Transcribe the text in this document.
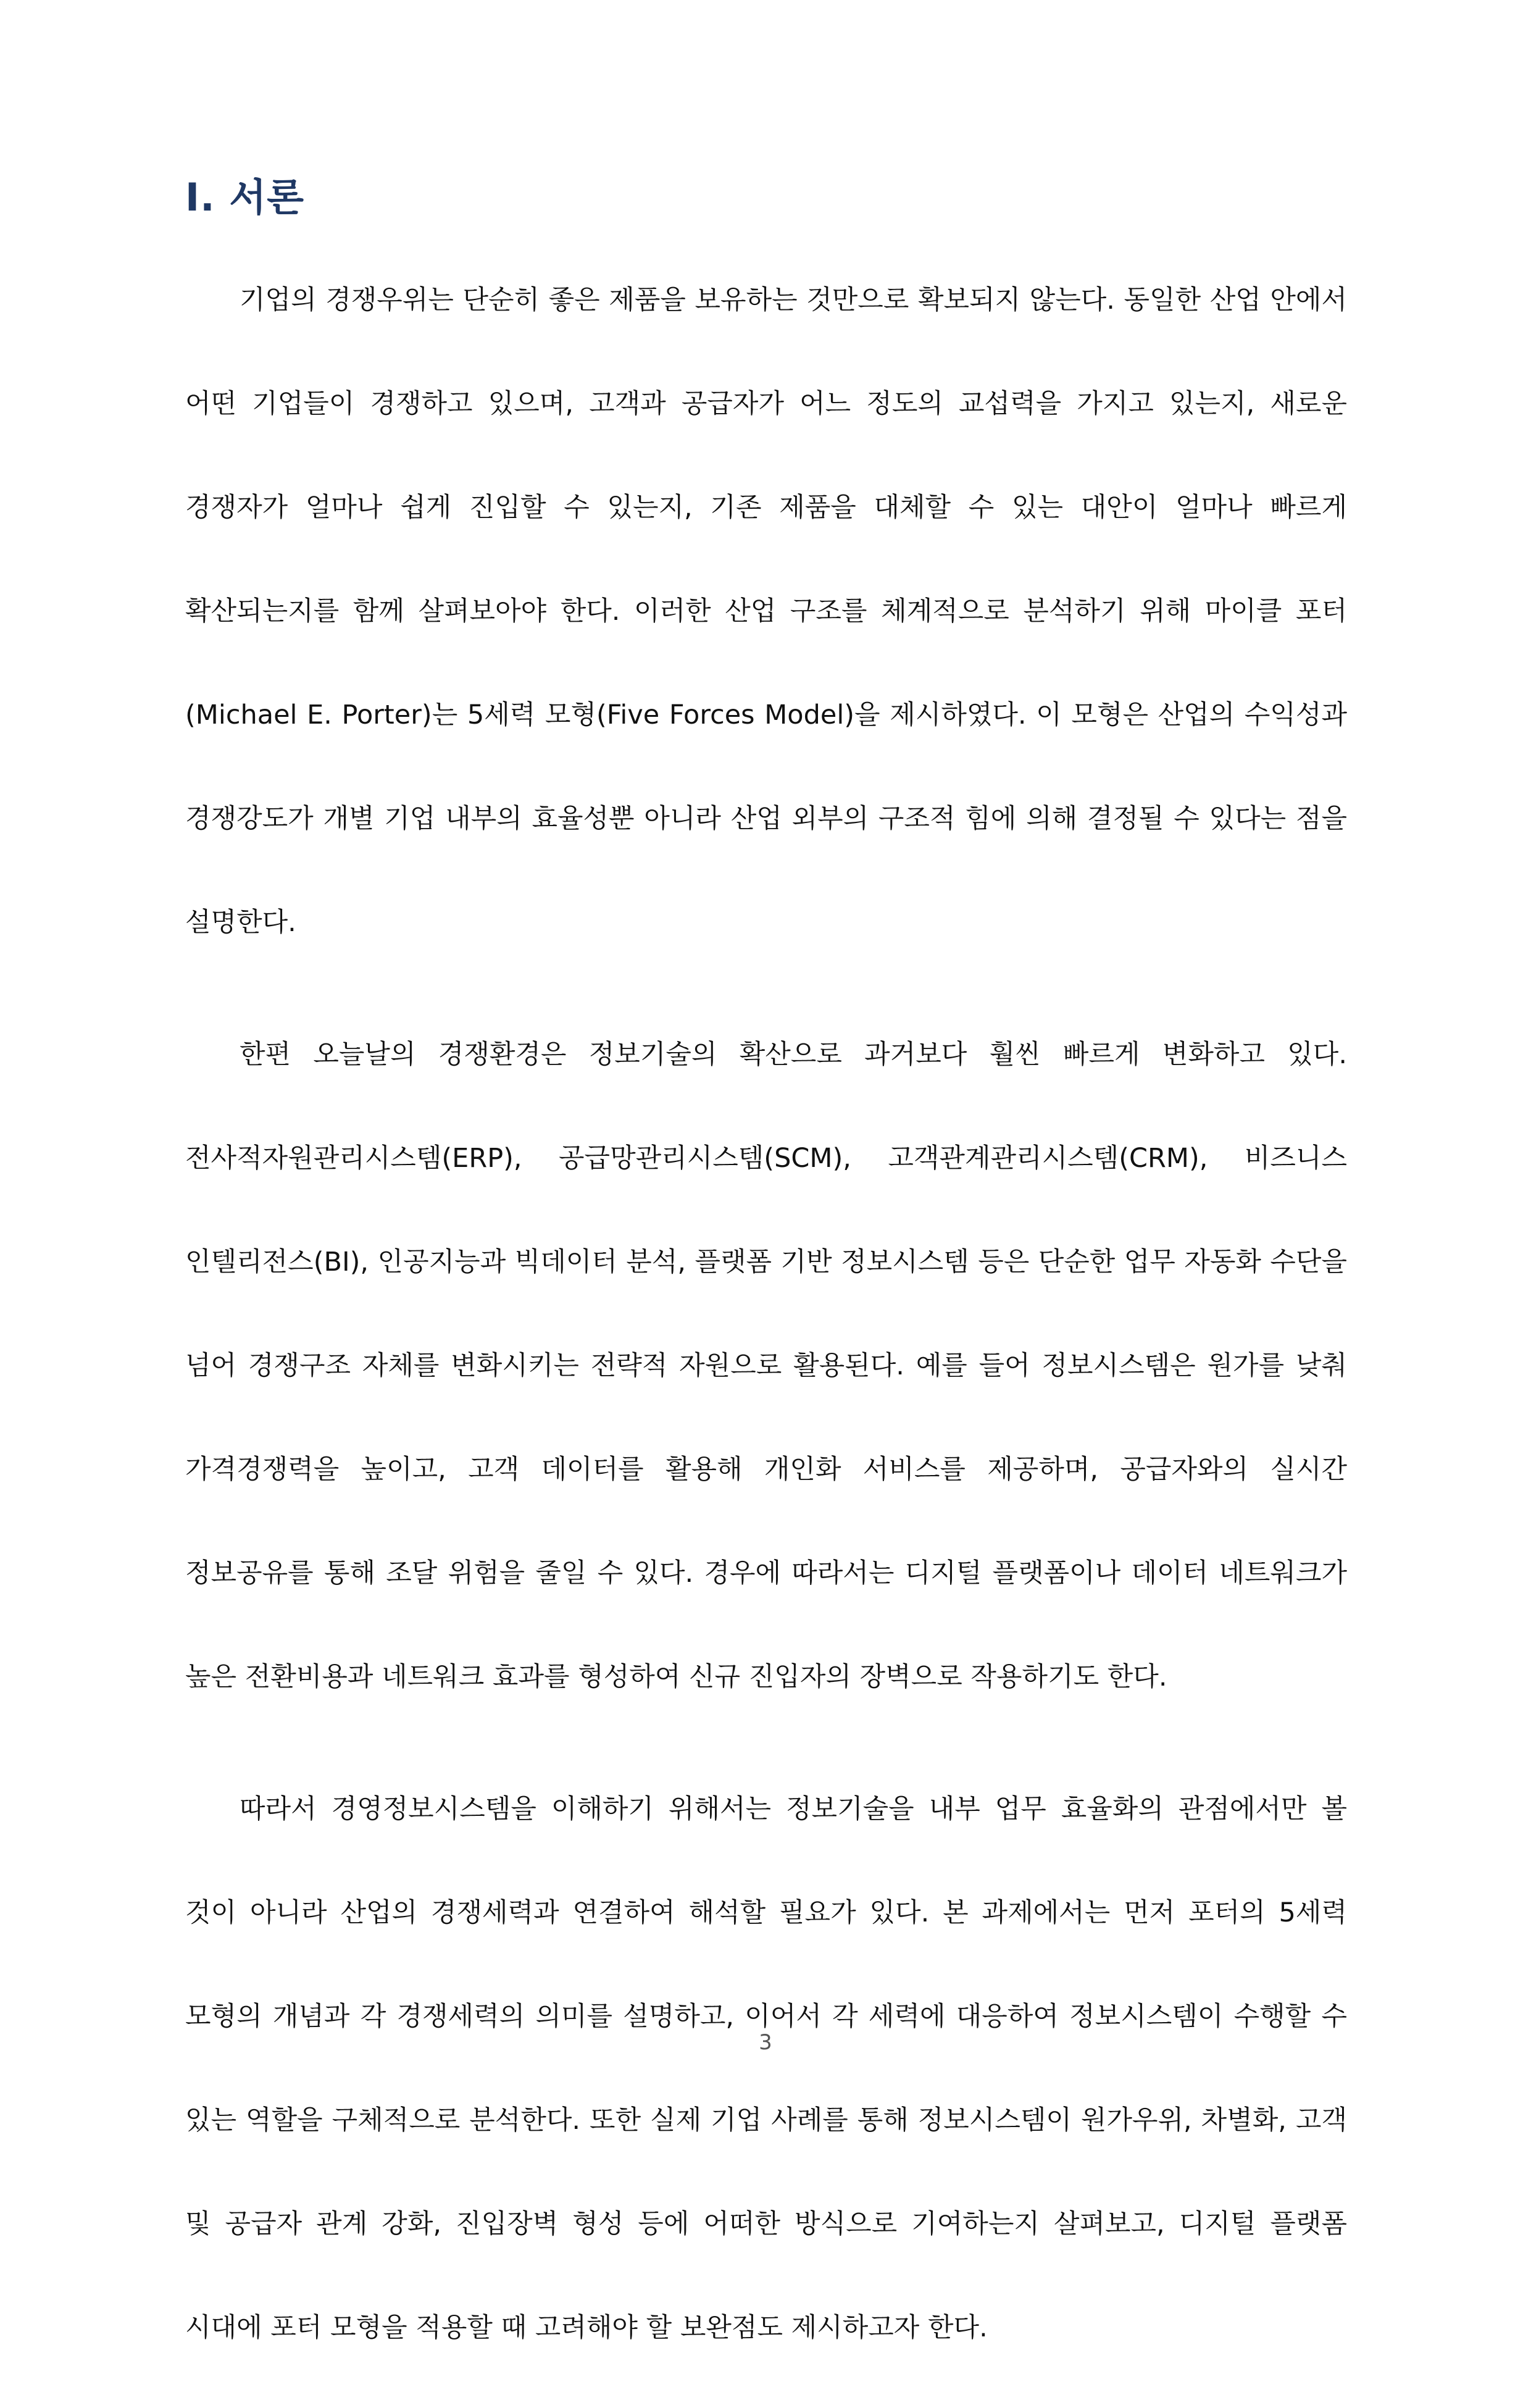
Ⅰ. 서론

기업의 경쟁우위는 단순히 좋은 제품을 보유하는 것만으로 확보되지 않는다. 동일한 산업 안에서 어떤 기업들이 경쟁하고 있으며, 고객과 공급자가 어느 정도의 교섭력을 가지고 있는지, 새로운 경쟁자가 얼마나 쉽게 진입할 수 있는지, 기존 제품을 대체할 수 있는 대안이 얼마나 빠르게 확산되는지를 함께 살펴보아야 한다. 이러한 산업 구조를 체계적으로 분석하기 위해 마이클 포터(Michael E. Porter)는 5세력 모형(Five Forces Model)을 제시하였다. 이 모형은 산업의 수익성과 경쟁강도가 개별 기업 내부의 효율성뿐 아니라 산업 외부의 구조적 힘에 의해 결정될 수 있다는 점을 설명한다.

한편 오늘날의 경쟁환경은 정보기술의 확산으로 과거보다 훨씬 빠르게 변화하고 있다. 전사적자원관리시스템(ERP), 공급망관리시스템(SCM), 고객관계관리시스템(CRM), 비즈니스 인텔리전스(BI), 인공지능과 빅데이터 분석, 플랫폼 기반 정보시스템 등은 단순한 업무 자동화 수단을 넘어 경쟁구조 자체를 변화시키는 전략적 자원으로 활용된다. 예를 들어 정보시스템은 원가를 낮춰 가격경쟁력을 높이고, 고객 데이터를 활용해 개인화 서비스를 제공하며, 공급자와의 실시간 정보공유를 통해 조달 위험을 줄일 수 있다. 경우에 따라서는 디지털 플랫폼이나 데이터 네트워크가 높은 전환비용과 네트워크 효과를 형성하여 신규 진입자의 장벽으로 작용하기도 한다.

따라서 경영정보시스템을 이해하기 위해서는 정보기술을 내부 업무 효율화의 관점에서만 볼 것이 아니라 산업의 경쟁세력과 연결하여 해석할 필요가 있다. 본 과제에서는 먼저 포터의 5세력 모형의 개념과 각 경쟁세력의 의미를 설명하고, 이어서 각 세력에 대응하여 정보시스템이 수행할 수 있는 역할을 구체적으로 분석한다. 또한 실제 기업 사례를 통해 정보시스템이 원가우위, 차별화, 고객 및 공급자 관계 강화, 진입장벽 형성 등에 어떠한 방식으로 기여하는지 살펴보고, 디지털 플랫폼 시대에 포터 모형을 적용할 때 고려해야 할 보완점도 제시하고자 한다.

3
